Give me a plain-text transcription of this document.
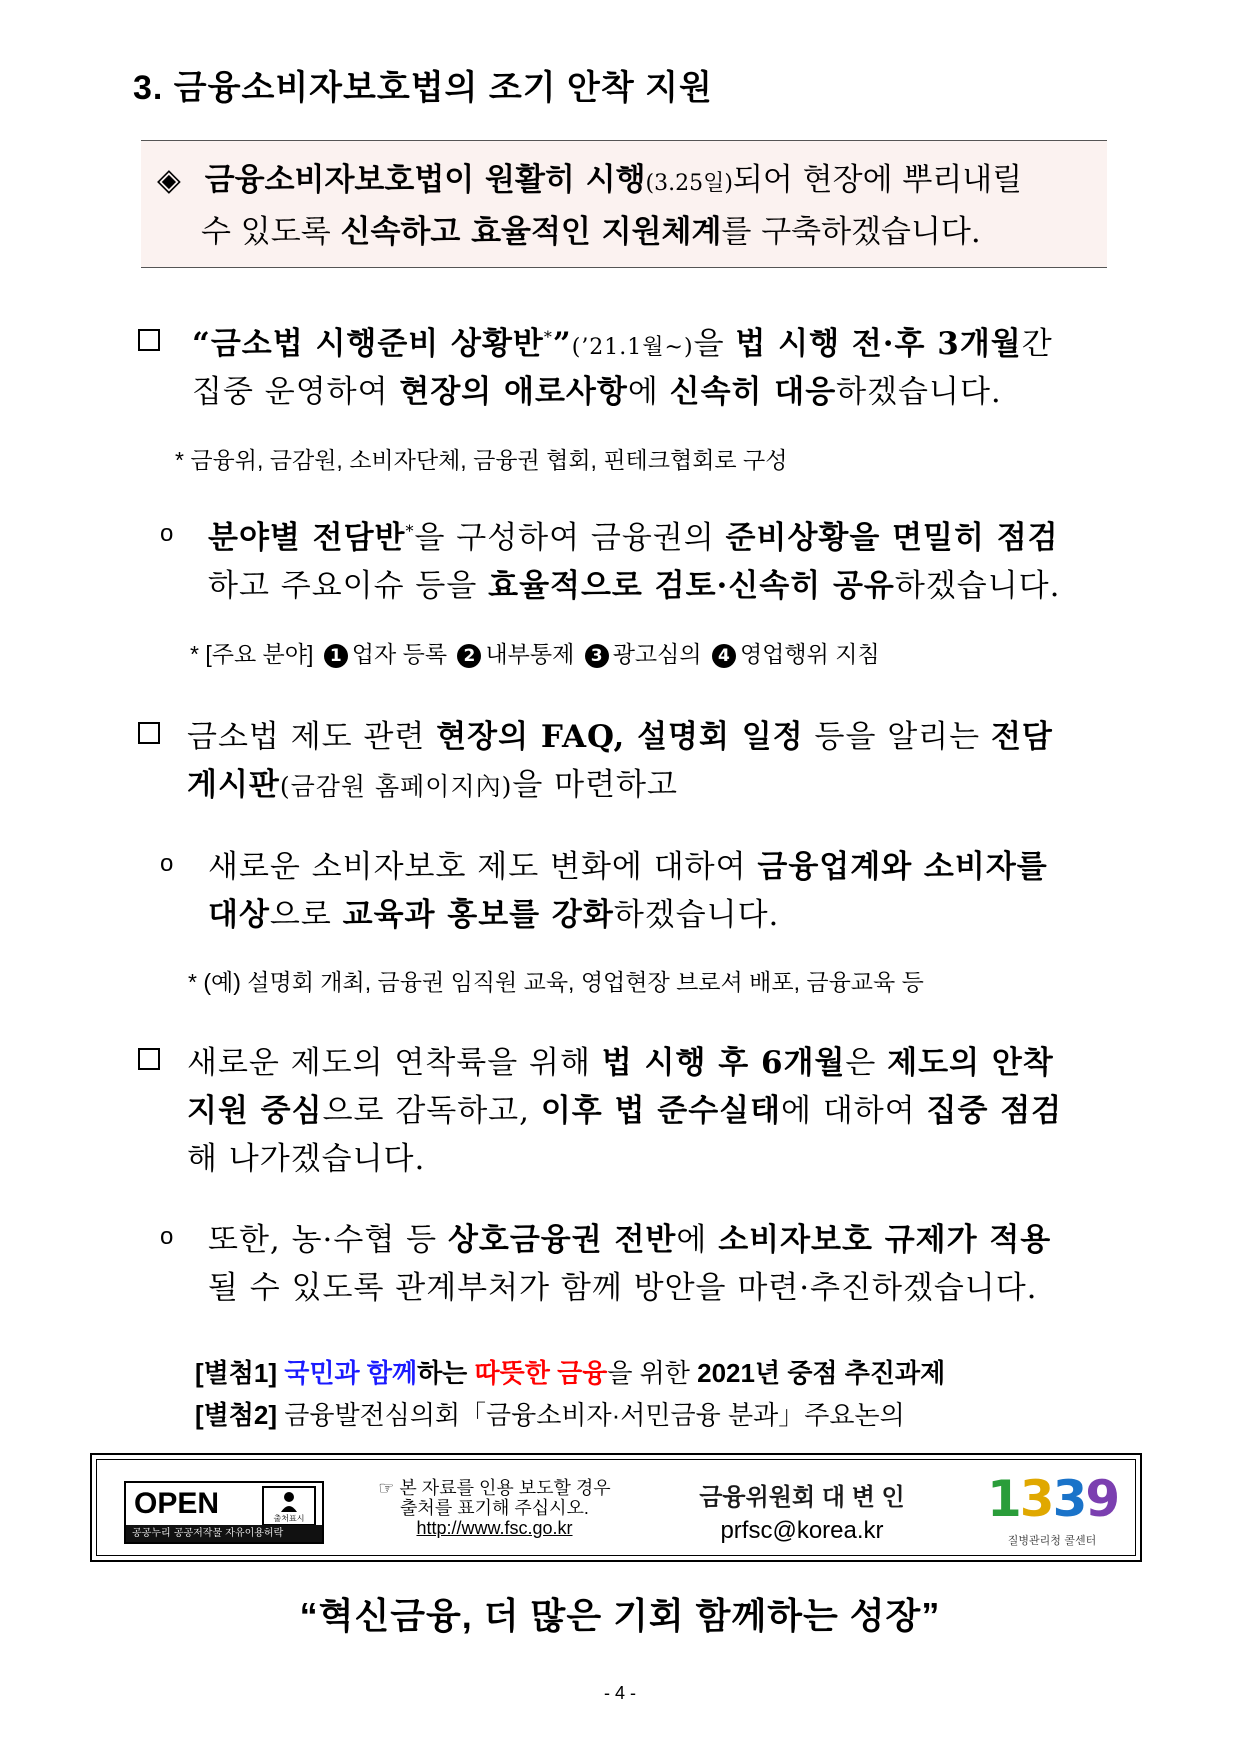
3. 금융소비자보호법의 조기 안착 지원
◈ 금융소비자보호법이 원활히 시행(3.25일)되어 현장에 뿌리내릴
수 있도록 신속하고 효율적인 지원체계를 구축하겠습니다.
“금소법 시행준비 상황반*”(’21.1월~)을 법 시행 전·후 3개월간
집중 운영하여 현장의 애로사항에 신속히 대응하겠습니다.
* 금융위, 금감원, 소비자단체, 금융권 협회, 핀테크협회로 구성
o 분야별 전담반*을 구성하여 금융권의 준비상황을 면밀히 점검
하고 주요이슈 등을 효율적으로 검토·신속히 공유하겠습니다.
* [주요 분야] 1 업자 등록 2 내부통제 3 광고심의 4 영업행위 지침
금소법 제도 관련 현장의 FAQ, 설명회 일정 등을 알리는 전담
게시판(금감원 홈페이지內)을 마련하고
o 새로운 소비자보호 제도 변화에 대하여 금융업계와 소비자를
대상으로 교육과 홍보를 강화하겠습니다.
* (예) 설명회 개최, 금융권 임직원 교육, 영업현장 브로셔 배포, 금융교육 등
새로운 제도의 연착륙을 위해 법 시행 후 6개월은 제도의 안착
지원 중심으로 감독하고, 이후 법 준수실태에 대하여 집중 점검
해 나가겠습니다.
o 또한, 농·수협 등 상호금융권 전반에 소비자보호 규제가 적용
될 수 있도록 관계부처가 함께 방안을 마련·추진하겠습니다.
[별첨1] 국민과 함께하는 따뜻한 금융을 위한 2021년 중점 추진과제
[별첨2] 금융발전심의회「금융소비자·서민금융 분과」주요논의
OPEN	출처표시
공공누리 공공저작물 자유이용허락
☞ 본 자료를 인용 보도할 경우
출처를 표기해 주십시오.
http://www.fsc.go.kr
금융위원회 대 변 인
prfsc@korea.kr
1339
질병관리청 콜센터
“혁신금융, 더 많은 기회 함께하는 성장”
- 4 -
